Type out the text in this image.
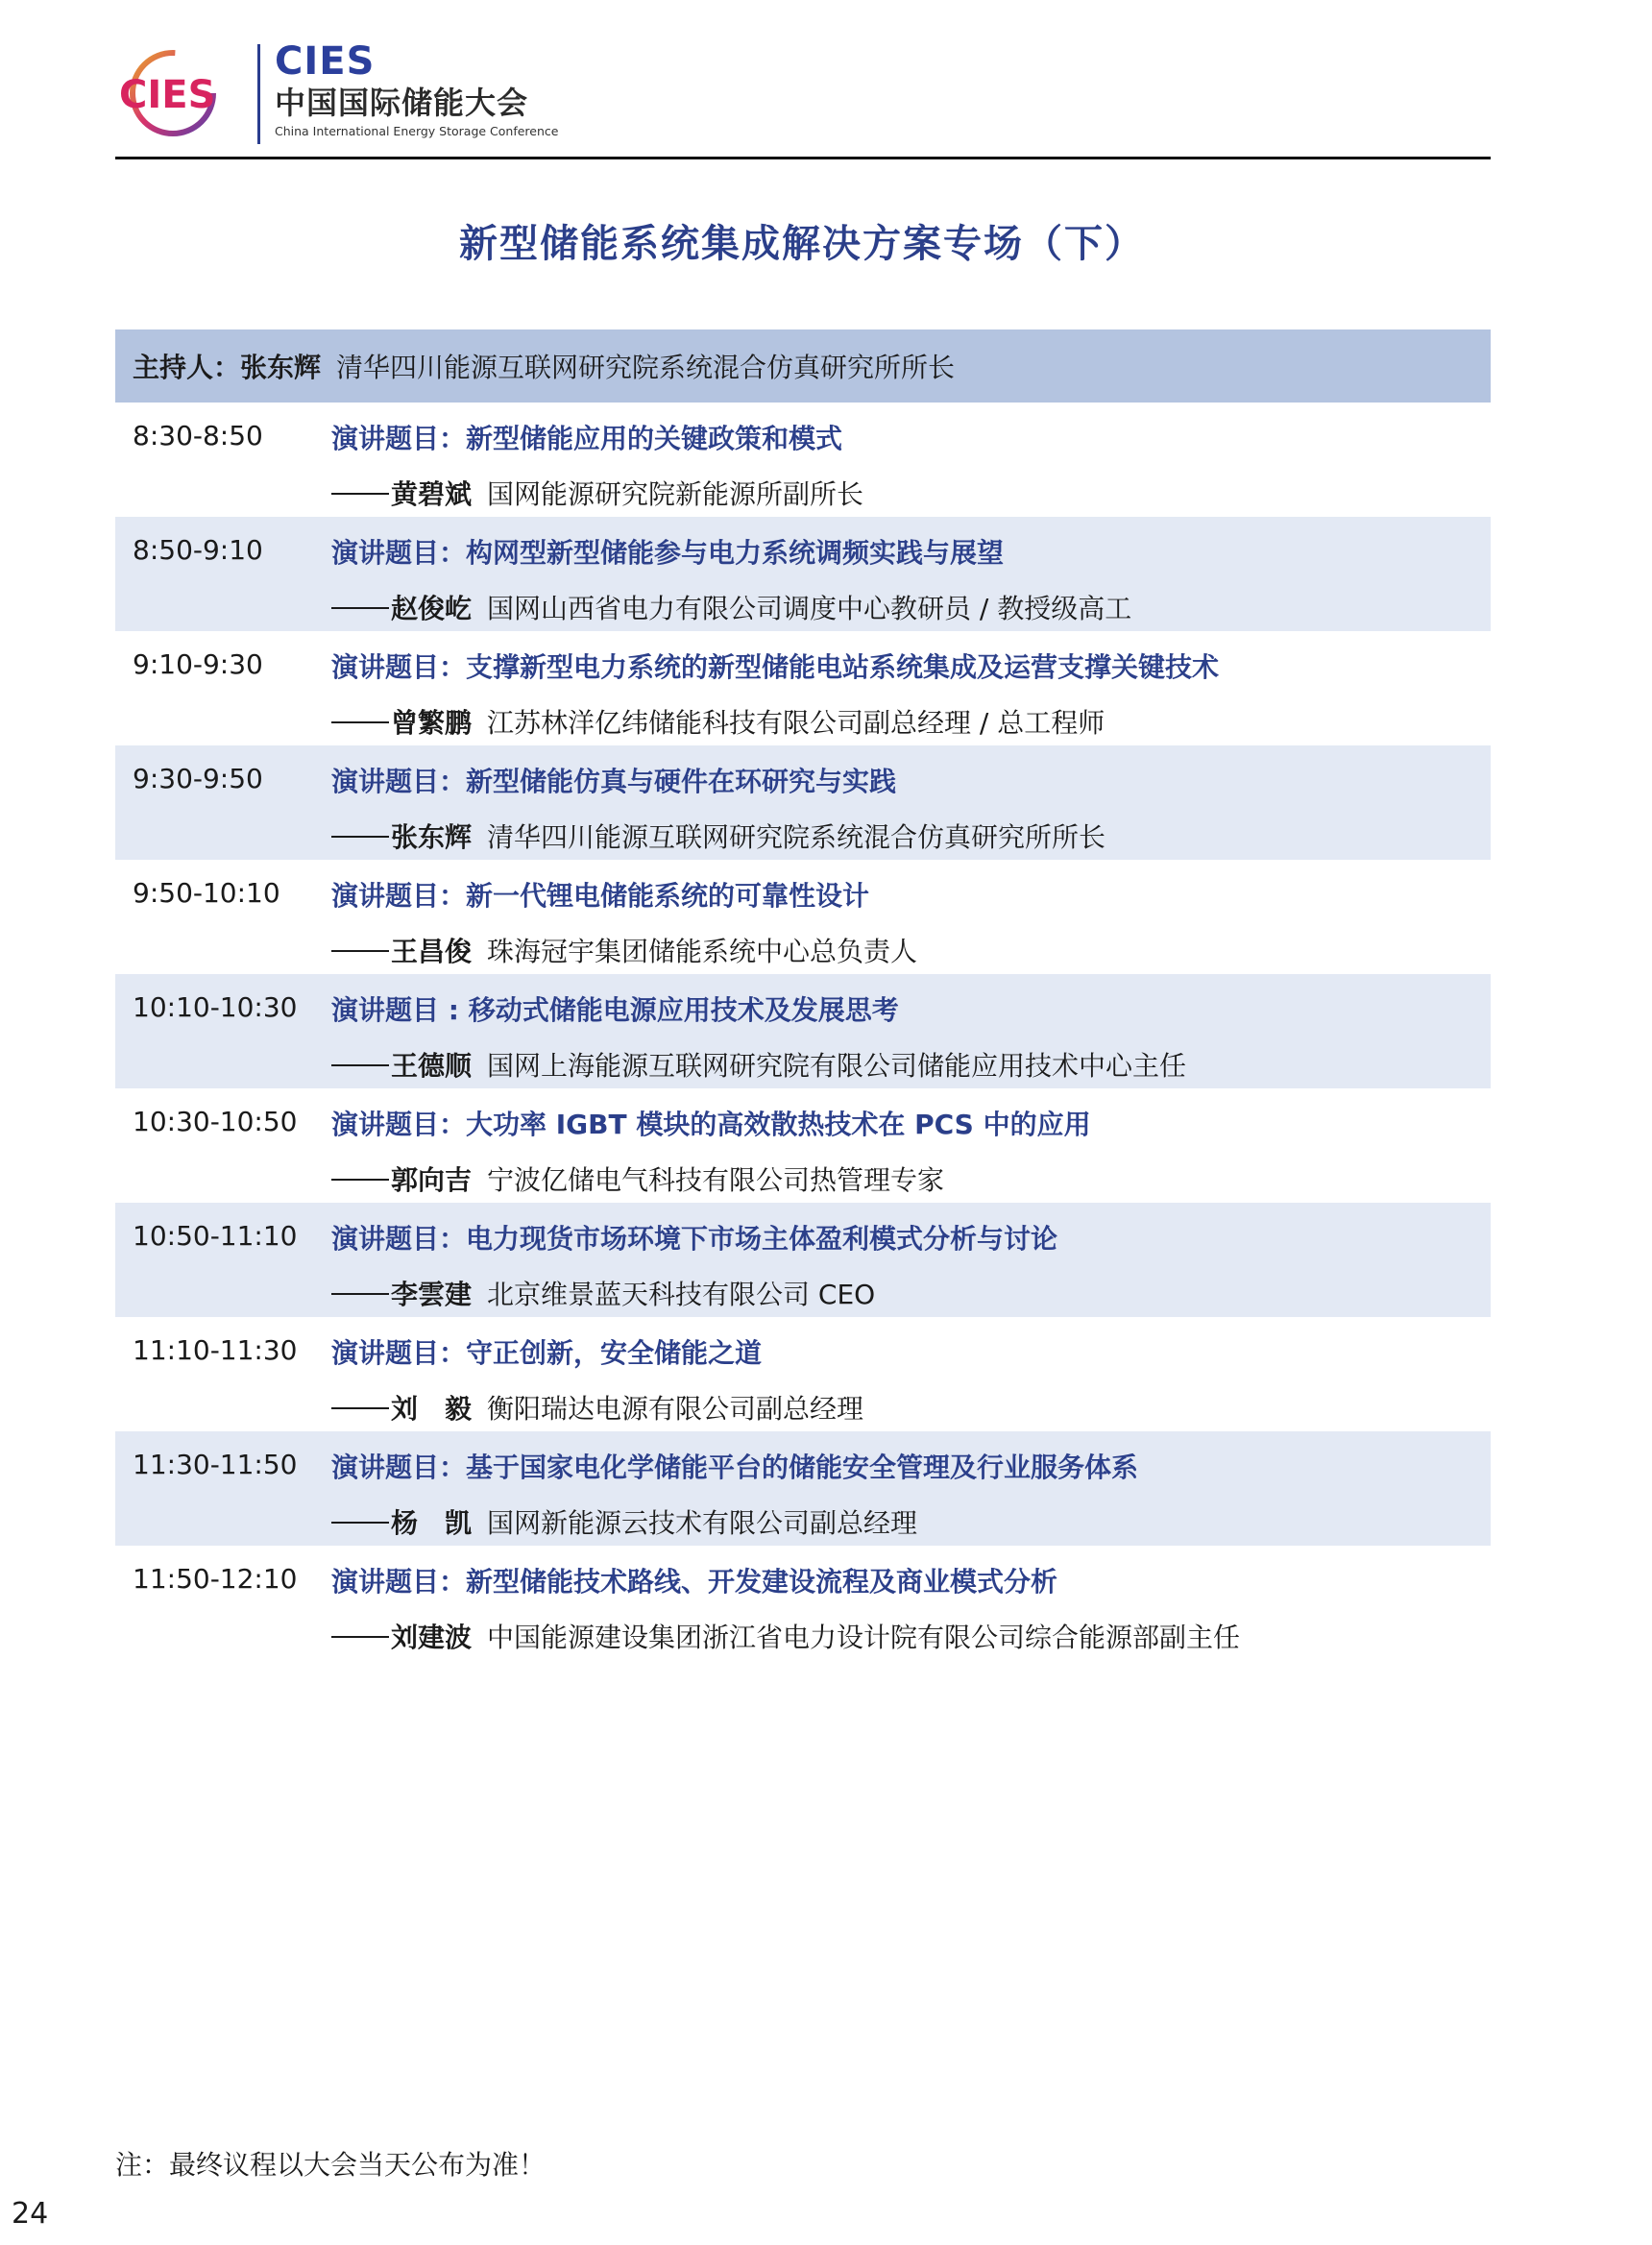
CIES
CIES
中国国际储能大会
China International Energy Storage Conference
新型储能系统集成解决方案专场（下）
主持人：张东辉 清华四川能源互联网研究院系统混合仿真研究所所长
8:30-8:50	演讲题目：新型储能应用的关键政策和模式
黄碧斌 国网能源研究院新能源所副所长
8:50-9:10	演讲题目：构网型新型储能参与电力系统调频实践与展望
赵俊屹 国网山西省电力有限公司调度中心教研员 / 教授级高工
9:10-9:30	演讲题目：支撑新型电力系统的新型储能电站系统集成及运营支撑关键技术
曾繁鹏 江苏林洋亿纬储能科技有限公司副总经理 / 总工程师
9:30-9:50	演讲题目：新型储能仿真与硬件在环研究与实践
张东辉 清华四川能源互联网研究院系统混合仿真研究所所长
9:50-10:10 演讲题目：新一代锂电储能系统的可靠性设计
王昌俊 珠海冠宇集团储能系统中心总负责人
10:10-10:30 演讲题目 : 移动式储能电源应用技术及发展思考
王德顺 国网上海能源互联网研究院有限公司储能应用技术中心主任
10:30-10:50 演讲题目：大功率 IGBT 模块的高效散热技术在 PCS 中的应用
郭向吉 宁波亿储电气科技有限公司热管理专家
10:50-11:10 演讲题目：电力现货市场环境下市场主体盈利模式分析与讨论
李雲建 北京维景蓝天科技有限公司 CEO
11:10-11:30 演讲题目：守正创新，安全储能之道
刘　毅 衡阳瑞达电源有限公司副总经理
11:30-11:50 演讲题目：基于国家电化学储能平台的储能安全管理及行业服务体系
杨　凯 国网新能源云技术有限公司副总经理
11:50-12:10 演讲题目：新型储能技术路线、开发建设流程及商业模式分析
刘建波 中国能源建设集团浙江省电力设计院有限公司综合能源部副主任
注：最终议程以大会当天公布为准！
24
